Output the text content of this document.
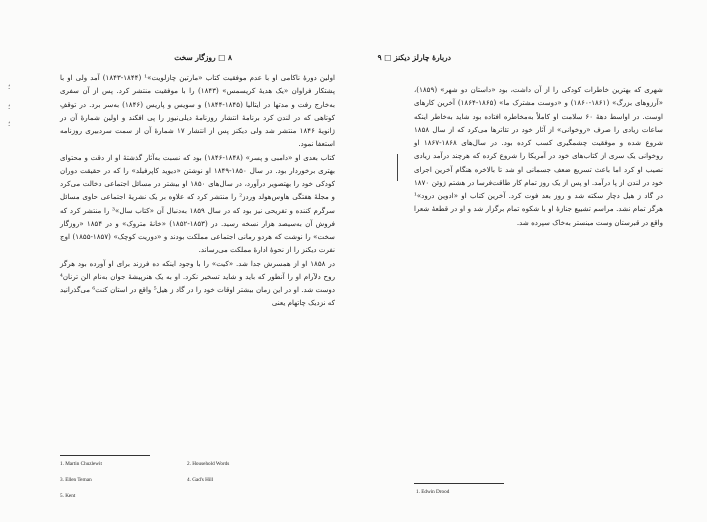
۸ □ روزگار سخت

اولین دورهٔ ناکامی او با عدم موفقیت کتاب «مارتین چازلویت»¹ (۱۸۴۴-۱۸۴۳) آمد ولی او با پشتکار فراوان «یک هدیهٔ کریسمس» (۱۸۴۳) را با موفقیت منتشر کرد. پس از آن سفری به‌خارج رفت و مدتها در ایتالیا (۱۸۴۵-۱۸۴۴) و سویس و پاریس (۱۸۴۶) به‌سر برد. در توقفِ کوتاهی که در لندن کرد برنامهٔ انتشار روزنامهٔ دیلی‌نیوز را پی افکند و اولین شمارهٔ آن در ژانویهٔ ۱۸۴۶ منتشر شد ولی دیکنز پس از انتشار ۱۷ شمارهٔ آن از سمت سردبیری روزنامه استعفا نمود.

کتاب بعدی او «دامبی و پسر» (۱۸۴۸-۱۸۴۶) بود که نسبت به‌آثار گذشتهٔ او از دقت و محتوای بهتری برخوردار بود. در سال ۱۸۵۰-۱۸۴۹ او نوشتن «دیوید کاپرفیلد» را که در حقیقت دوران کودکی خود را بهتصویر درآورد، در سال‌های ۱۸۵۰ او بیشتر در مسائل اجتماعی دخالت می‌کرد و مجلهٔ هفتگی هاوس‌هولد وردز² را منتشر کرد که علاوه بر یک نشریهٔ اجتماعی حاوی مسائل سرگرم کننده و تفریحی نیز بود که در سال ۱۸۵۹ به‌دنبال آن «کتاب سال»³ را منتشر کرد که فروش آن به‌سیصد هزار نسخه رسید. در (۱۸۵۳-۱۸۵۲) «خانهٔ متروک» و در ۱۸۵۴ «روزگار سخت» را نوشت که هردو رمانی اجتماعی مملکت بودند و «دوریت کوچک» (۱۸۵۷-۱۸۵۵) اوج نفرت دیکنز را از نحوهٔ ادارهٔ مملکت می‌رساند.

در ۱۸۵۸ او از همسرش جدا شد. «کیت» را با وجود اینکه ده فرزند برای او آورده بود هرگز روح دلآرام او را آنطور که باید و شاید تسخیر نکرد. او به یک هنرپیشهٔ جوان به‌نام الن ترنان⁴ دوست شد. او در این زمان بیشتر اوقات خود را در گاد ز هیل⁵ واقع در استان کنت⁶ می‌گذرانید که نزدیک چاتهام یعنی

1. Martin Chuzlewit	2. Household Words
3. Ellen Ternan	4. Gad's Hill
5. Kent
؛
؛
؛
دربارهٔ چارلز دیکنز □ ۹

شهری که بهترین خاطرات کودکی را از آن داشت، بود «داستان دو شهر» (۱۸۵۹)، «آرزوهای بزرگ» (۱۸۶۱-۱۸۶۰) و «دوست مشترک ما» (۱۸۶۵-۱۸۶۴) آخرین کارهای اوست. در اواسط دههٔ ۶۰ سلامت او کاملاً به‌مخاطره افتاده بود شاید به‌خاطر اینکه ساعات زیادی را صرف «روخوانی» از آثار خود در تئاترها می‌کرد که از سال ۱۸۵۸ شروع شده و موفقیت چشمگیری کسب کرده بود. در سال‌های ۱۸۶۸-۱۸۶۷ او روخوانی یک سری از کتاب‌های خود در آمریکا را شروع کرده که هرچند درآمد زیادی نصیب او کرد اما باعث تسریع ضعف جسمانی او شد تا بالاخره هنگام آخرین اجرای خود در لندن از پا درآمد. او پس از یک روز تمام کار طاقت‌فرسا در هشتم ژوئن ۱۸۷۰ در گاد ز هیل دچار سکته شد و روز بعد فوت کرد. آخرین کتاب او «ادوین درود»¹ هرگز تمام نشد. مراسم تشییع جنازهٔ او با شکوه تمام برگزار شد و او در قطعهٔ شعرا واقع در قبرستان وست مینستر به‌خاک سپرده شد.

1. Edwin Drood
